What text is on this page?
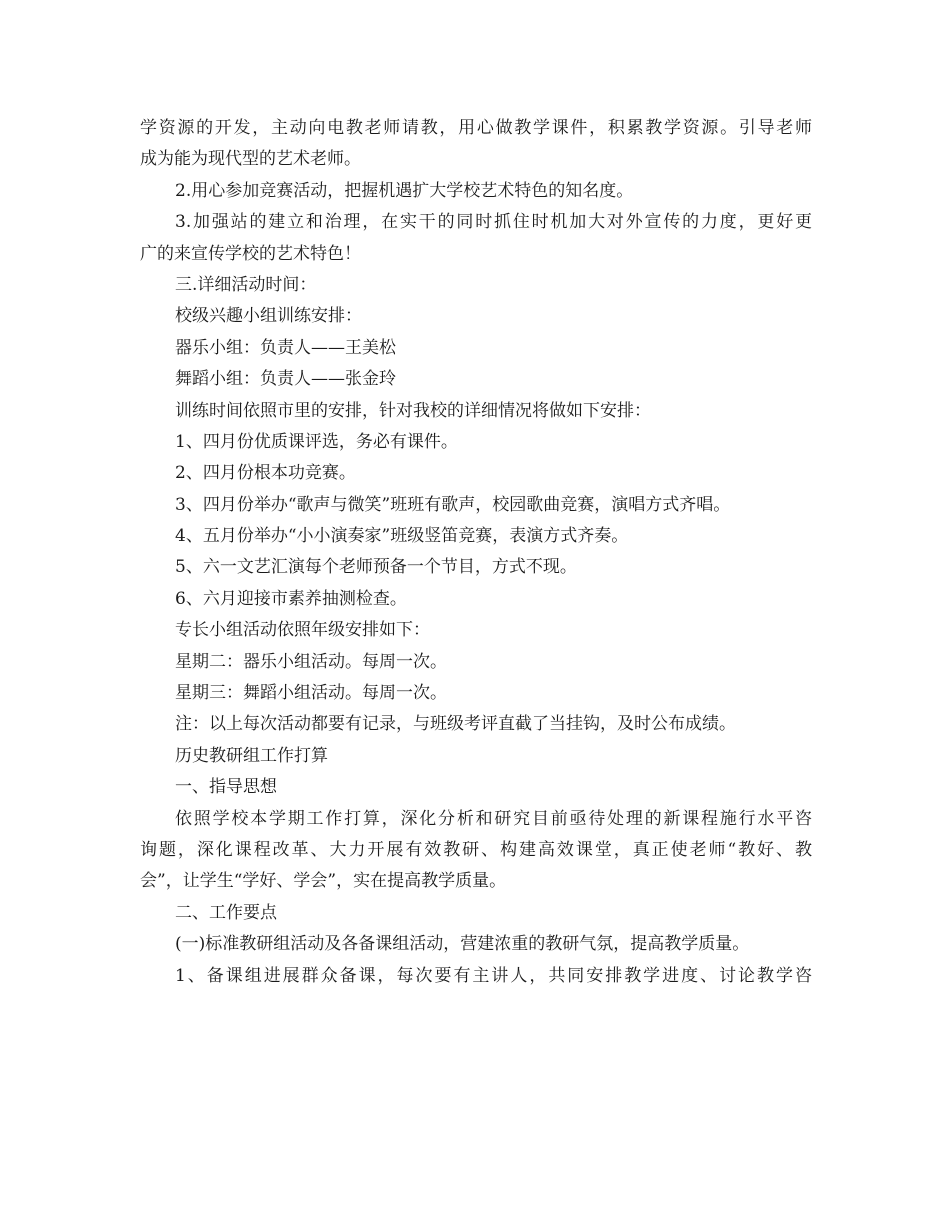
学资源的开发，主动向电教老师请教，用心做教学课件，积累教学资源。引导老师
成为能为现代型的艺术老师。
2.用心参加竞赛活动，把握机遇扩大学校艺术特色的知名度。
3.加强站的建立和治理，在实干的同时抓住时机加大对外宣传的力度，更好更
广的来宣传学校的艺术特色！
三.详细活动时间：
校级兴趣小组训练安排：
器乐小组：负责人——王美松
舞蹈小组：负责人——张金玲
训练时间依照市里的安排，针对我校的详细情况将做如下安排：
1、四月份优质课评选，务必有课件。
2、四月份根本功竞赛。
3、四月份举办“歌声与微笑”班班有歌声，校园歌曲竞赛，演唱方式齐唱。
4、五月份举办“小小演奏家”班级竖笛竞赛，表演方式齐奏。
5、六一文艺汇演每个老师预备一个节目，方式不现。
6、六月迎接市素养抽测检查。
专长小组活动依照年级安排如下：
星期二：器乐小组活动。每周一次。
星期三：舞蹈小组活动。每周一次。
注：以上每次活动都要有记录，与班级考评直截了当挂钩，及时公布成绩。
历史教研组工作打算
一、指导思想
依照学校本学期工作打算，深化分析和研究目前亟待处理的新课程施行水平咨
询题，深化课程改革、大力开展有效教研、构建高效课堂，真正使老师“教好、教
会”，让学生“学好、学会”，实在提高教学质量。
二、工作要点
(一)标准教研组活动及各备课组活动，营建浓重的教研气氛，提高教学质量。
1、备课组进展群众备课，每次要有主讲人，共同安排教学进度、讨论教学咨
